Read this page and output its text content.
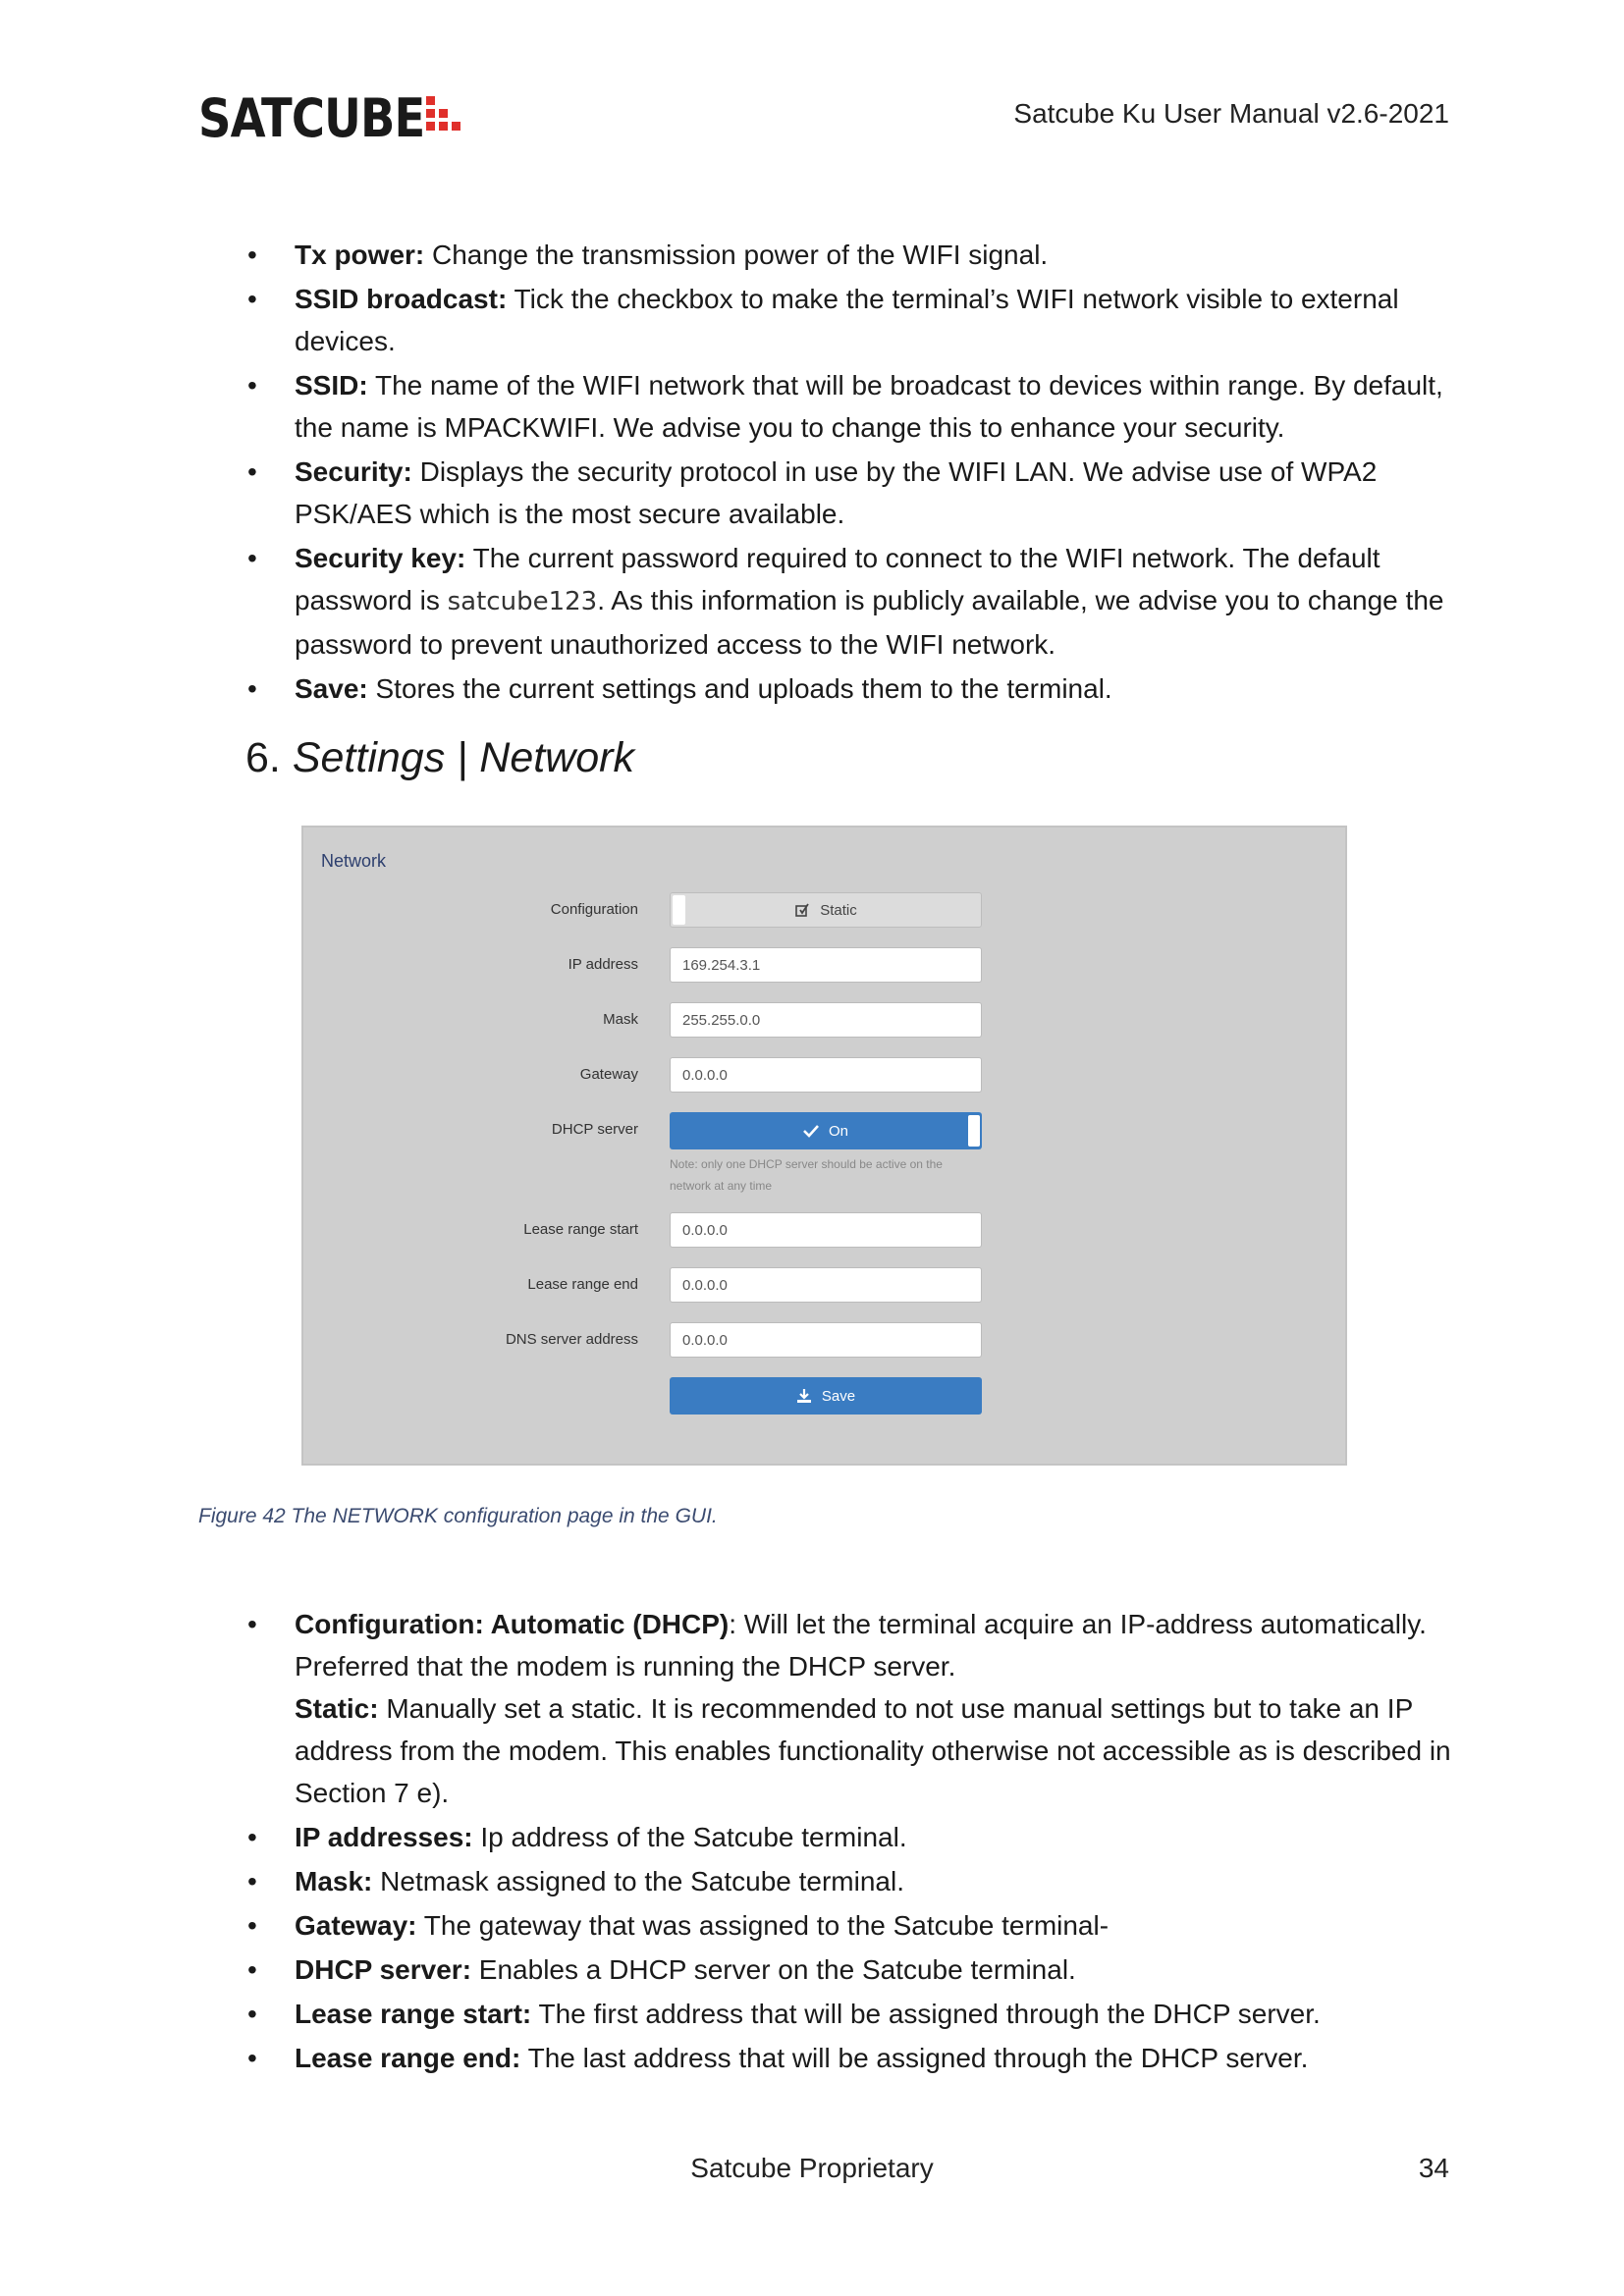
SATCUBE	Satcube Ku User Manual v2.6-2021
• Tx power: Change the transmission power of the WIFI signal.
• SSID broadcast: Tick the checkbox to make the terminal’s WIFI network visible to external devices.
• SSID: The name of the WIFI network that will be broadcast to devices within range. By default, the name is MPACKWIFI. We advise you to change this to enhance your security.
• Security: Displays the security protocol in use by the WIFI LAN. We advise use of WPA2 PSK/AES which is the most secure available.
• Security key: The current password required to connect to the WIFI network. The default password is satcube123. As this information is publicly available, we advise you to change the password to prevent unauthorized access to the WIFI network.
• Save: Stores the current settings and uploads them to the terminal.
6. Settings | Network
Network
Configuration	Static
IP address	169.254.3.1
Mask	255.255.0.0
Gateway	0.0.0.0
DHCP server	On
Note: only one DHCP server should be active on the
network at any time
Lease range start	0.0.0.0
Lease range end	0.0.0.0
DNS server address	0.0.0.0
Save
Figure 42 The NETWORK configuration page in the GUI.
• Configuration: Automatic (DHCP): Will let the terminal acquire an IP-address automatically. Preferred that the modem is running the DHCP server.
Static: Manually set a static. It is recommended to not use manual settings but to take an IP address from the modem. This enables functionality otherwise not accessible as is described in Section 7 e).
• IP addresses: Ip address of the Satcube terminal.
• Mask: Netmask assigned to the Satcube terminal.
• Gateway: The gateway that was assigned to the Satcube terminal-
• DHCP server: Enables a DHCP server on the Satcube terminal.
• Lease range start: The first address that will be assigned through the DHCP server.
• Lease range end: The last address that will be assigned through the DHCP server.
Satcube Proprietary	34
